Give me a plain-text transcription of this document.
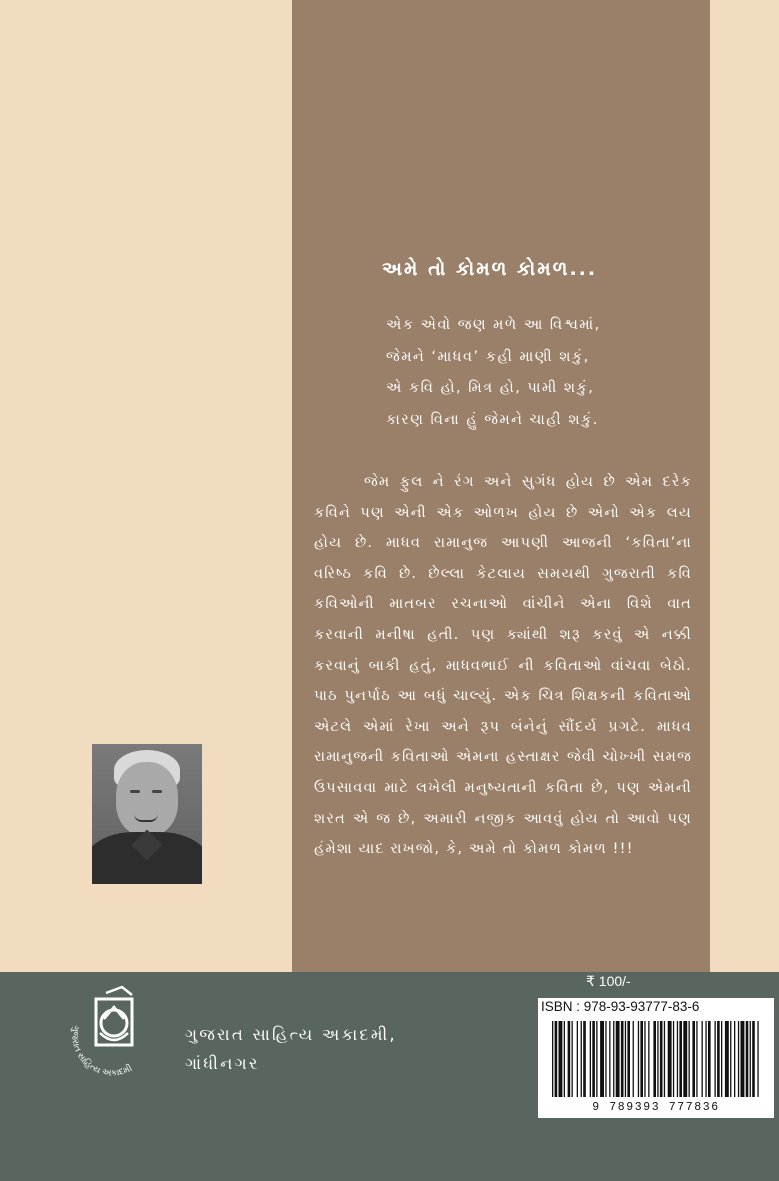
અમે તો કોમળ કોમળ...
એક એવો જણ મળે આ વિશ્વમાં,
જેમને ‘માધવ’ કહી માણી શકું,
એ કવિ હો, મિત્ર હો, પામી શકું,
કારણ વિના હું જેમને ચાહી શકું.

જેમ ફુલ ને રંગ અને સુગંધ હોય છે એમ દરેક કવિને પણ એની એક ઓળખ હોય છે એનો એક લય હોય છે. માધવ રામાનુજ આપણી આજની ‘કવિતા’ના વરિષ્ઠ કવિ છે. છેલ્લા કેટલાય સમયથી ગુજરાતી કવિ કવિઓની માતબર રચનાઓ વાંચીને એના વિશે વાત કરવાની મનીષા હતી. પણ ક્યાંથી શરૂ કરવું એ નક્કી કરવાનું બાકી હતું, માધવભાઈ ની કવિતાઓ વાંચવા બેઠો. પાઠ પુનર્પાઠ આ બધું ચાલ્યું. એક ચિત્ર શિક્ષકની કવિતાઓ એટલે એમાં રેખા અને રૂપ બંનેનું સૌંદર્ય પ્રગટે. માધવ રામાનુજની કવિતાઓ એમના હસ્તાક્ષર જેવી ચોખ્ખી સમજ ઉપસાવવા માટે લખેલી મનુષ્યતાની કવિતા છે, પણ એમની શરત એ જ છે, અમારી નજીક આવવું હોય તો આવો પણ હંમેશા યાદ રાખજો, કે, અમે તો કોમળ કોમળ !!!

ગુજરાત સાહિત્ય અકાદમી
ગુજરાત સાહિત્ય અકાદમી,
ગાંધીનગર
₹ 100/-
ISBN : 978-93-93777-83-6
9 789393 777836
